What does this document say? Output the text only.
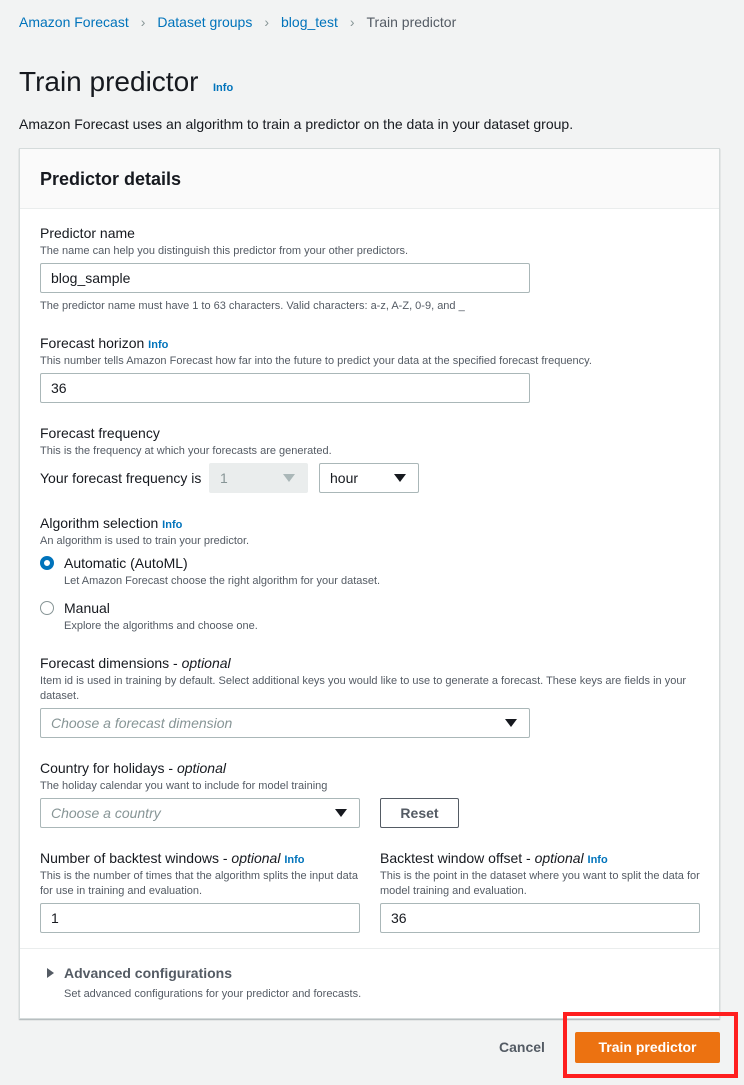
Amazon Forecast › Dataset groups › blog_test › Train predictor
Train predictor Info

Amazon Forecast uses an algorithm to train a predictor on the data in your dataset group.

Predictor details
Predictor name
The name can help you distinguish this predictor from your other predictors.
blog_sample
The predictor name must have 1 to 63 characters. Valid characters: a-z, A-Z, 0-9, and _
Forecast horizon Info
This number tells Amazon Forecast how far into the future to predict your data at the specified forecast frequency.
36
Forecast frequency
This is the frequency at which your forecasts are generated.
Your forecast frequency is	1	hour
Algorithm selection Info
An algorithm is used to train your predictor.
Automatic (AutoML)
Let Amazon Forecast choose the right algorithm for your dataset.
Manual
Explore the algorithms and choose one.
Forecast dimensions - optional
Item id is used in training by default. Select additional keys you would like to use to generate a forecast. These keys are fields in your dataset.
Choose a forecast dimension
Country for holidays - optional
The holiday calendar you want to include for model training
Choose a country	Reset
Number of backtest windows - optional Info
This is the number of times that the algorithm splits the input data for use in training and evaluation.
1
Backtest window offset - optional Info
This is the point in the dataset where you want to split the data for model training and evaluation.
36
Advanced configurations
Set advanced configurations for your predictor and forecasts.
Cancel	Train predictor
